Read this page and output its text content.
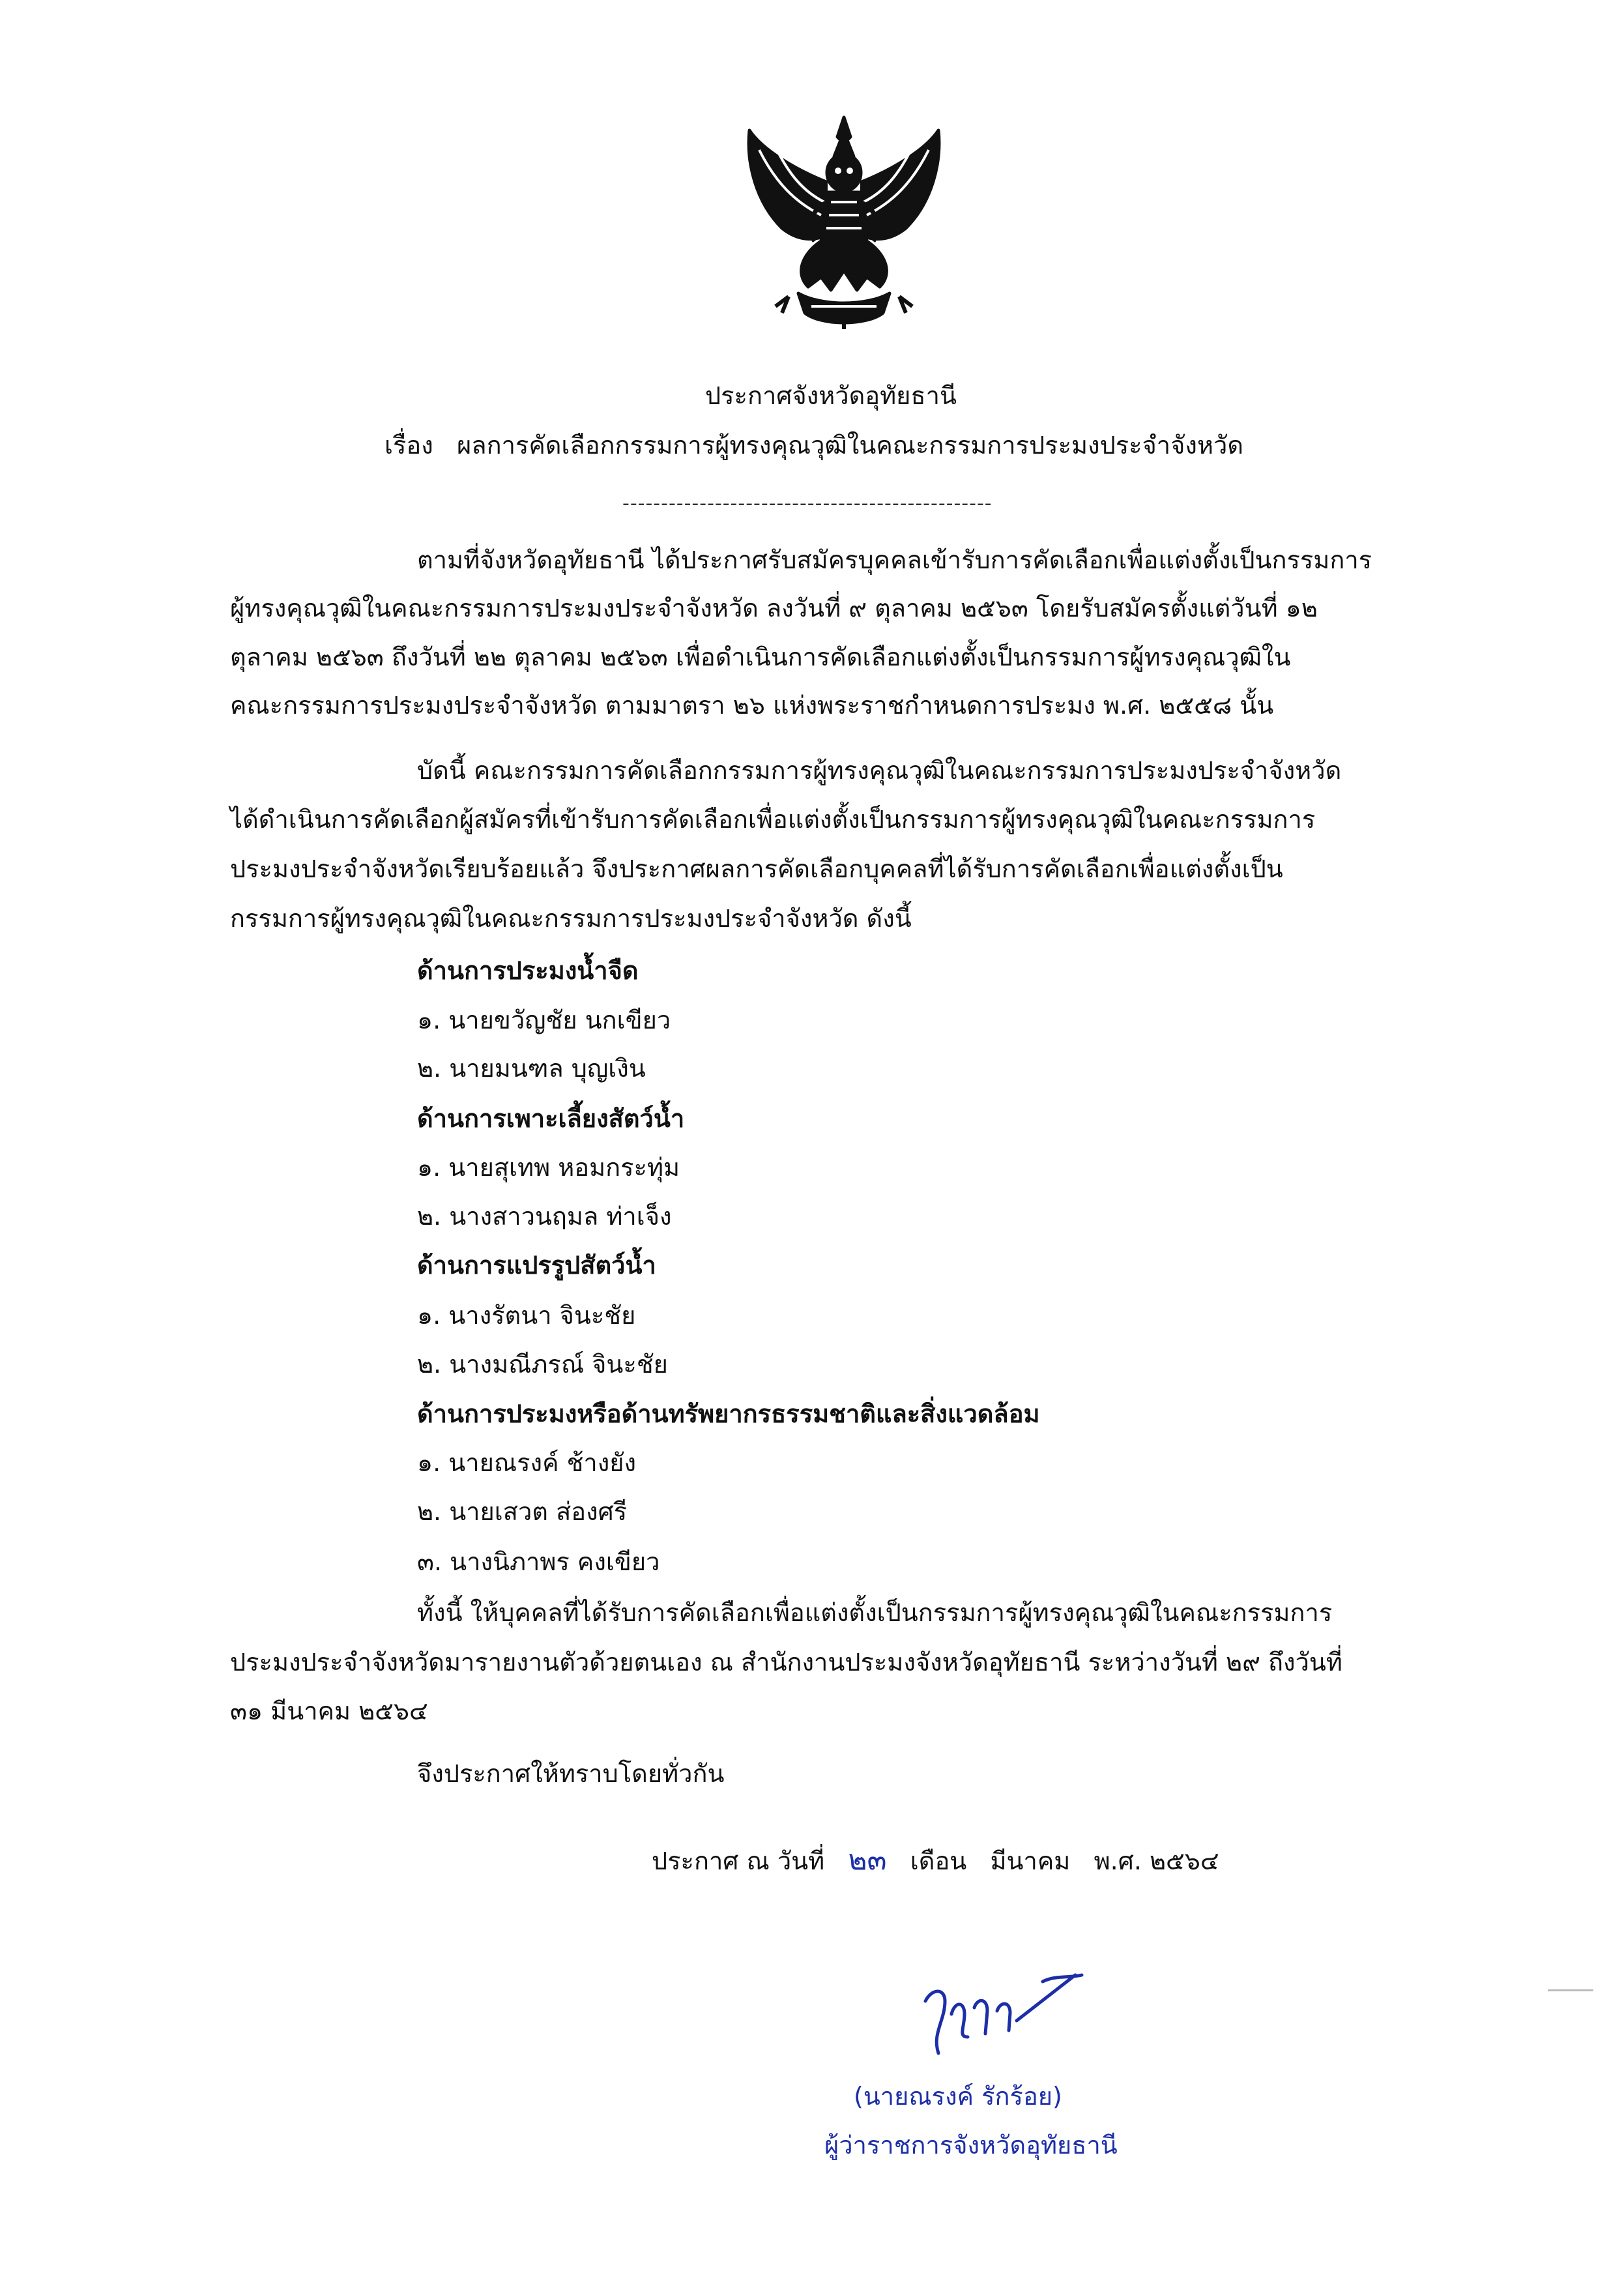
ประกาศจังหวัดอุทัยธานี
เรื่อง ผลการคัดเลือกกรรมการผู้ทรงคุณวุฒิในคณะกรรมการประมงประจำจังหวัด
------------------------------------------------
ตามที่จังหวัดอุทัยธานี ได้ประกาศรับสมัครบุคคลเข้ารับการคัดเลือกเพื่อแต่งตั้งเป็นกรรมการ
ผู้ทรงคุณวุฒิในคณะกรรมการประมงประจำจังหวัด ลงวันที่ ๙ ตุลาคม ๒๕๖๓ โดยรับสมัครตั้งแต่วันที่ ๑๒
ตุลาคม ๒๕๖๓ ถึงวันที่ ๒๒ ตุลาคม ๒๕๖๓ เพื่อดำเนินการคัดเลือกแต่งตั้งเป็นกรรมการผู้ทรงคุณวุฒิใน
คณะกรรมการประมงประจำจังหวัด ตามมาตรา ๒๖ แห่งพระราชกำหนดการประมง พ.ศ. ๒๕๕๘ นั้น
บัดนี้ คณะกรรมการคัดเลือกกรรมการผู้ทรงคุณวุฒิในคณะกรรมการประมงประจำจังหวัด
ได้ดำเนินการคัดเลือกผู้สมัครที่เข้ารับการคัดเลือกเพื่อแต่งตั้งเป็นกรรมการผู้ทรงคุณวุฒิในคณะกรรมการ
ประมงประจำจังหวัดเรียบร้อยแล้ว จึงประกาศผลการคัดเลือกบุคคลที่ได้รับการคัดเลือกเพื่อแต่งตั้งเป็น
กรรมการผู้ทรงคุณวุฒิในคณะกรรมการประมงประจำจังหวัด ดังนี้
ด้านการประมงน้ำจืด
๑. นายขวัญชัย นกเขียว
๒. นายมนฑล บุญเงิน
ด้านการเพาะเลี้ยงสัตว์น้ำ
๑. นายสุเทพ หอมกระทุ่ม
๒. นางสาวนฤมล ท่าเจ็ง
ด้านการแปรรูปสัตว์น้ำ
๑. นางรัตนา จินะชัย
๒. นางมณีภรณ์ จินะชัย
ด้านการประมงหรือด้านทรัพยากรธรรมชาติและสิ่งแวดล้อม
๑. นายณรงค์ ช้างยัง
๒. นายเสวต ส่องศรี
๓. นางนิภาพร คงเขียว
ทั้งนี้ ให้บุคคลที่ได้รับการคัดเลือกเพื่อแต่งตั้งเป็นกรรมการผู้ทรงคุณวุฒิในคณะกรรมการ
ประมงประจำจังหวัดมารายงานตัวด้วยตนเอง ณ สำนักงานประมงจังหวัดอุทัยธานี ระหว่างวันที่ ๒๙ ถึงวันที่
๓๑ มีนาคม ๒๕๖๔
จึงประกาศให้ทราบโดยทั่วกัน
ประกาศ ณ วันที่ ๒๓ เดือน มีนาคม พ.ศ. ๒๕๖๔
(นายณรงค์ รักร้อย)
ผู้ว่าราชการจังหวัดอุทัยธานี
